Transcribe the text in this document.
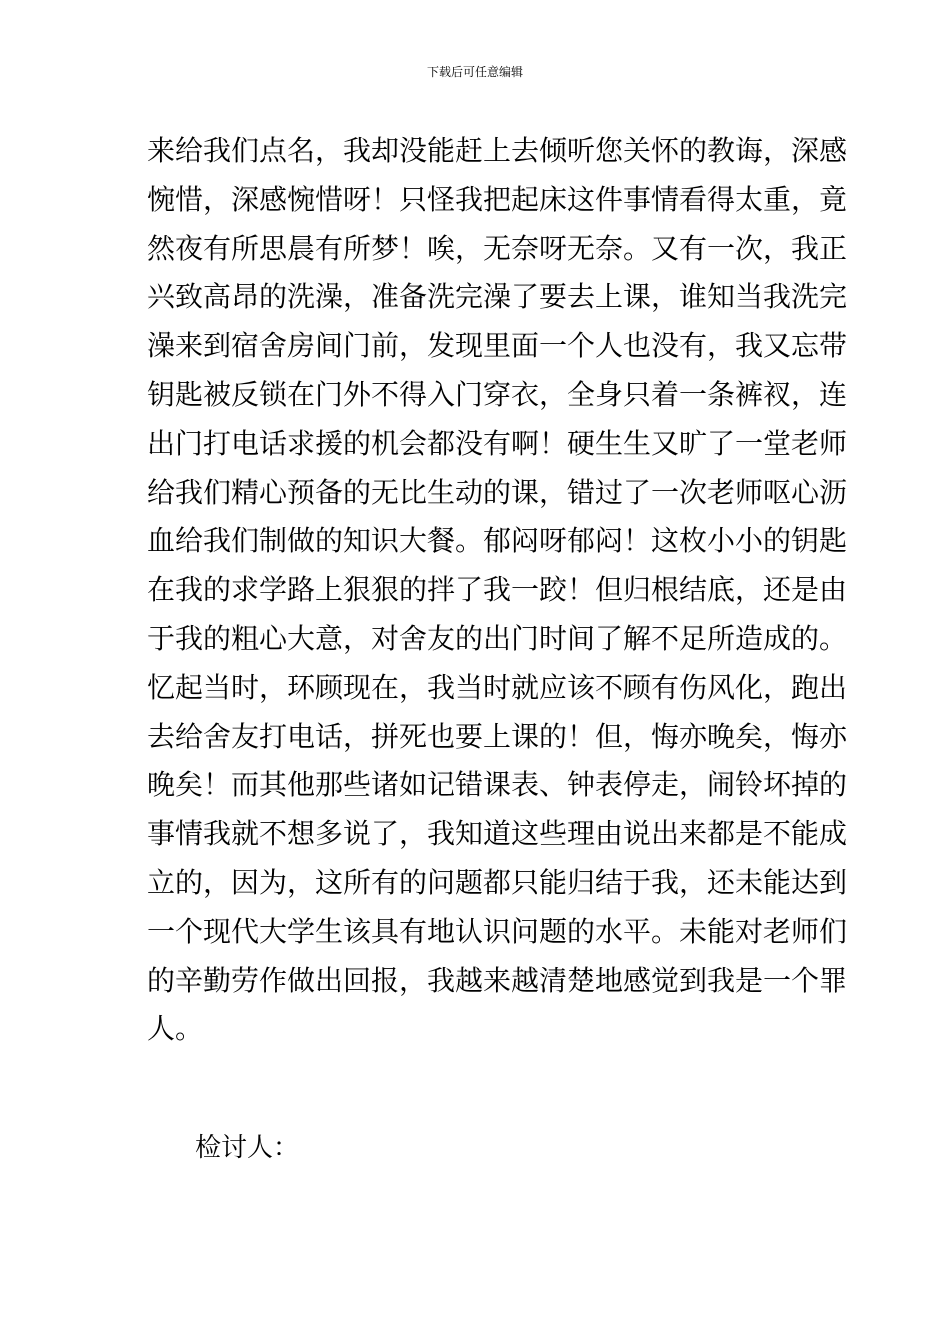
下载后可任意编辑
来给我们点名，我却没能赶上去倾听您关怀的教诲，深感
惋惜，深感惋惜呀！只怪我把起床这件事情看得太重，竟
然夜有所思晨有所梦！唉，无奈呀无奈。又有一次，我正
兴致高昂的洗澡，准备洗完澡了要去上课，谁知当我洗完
澡来到宿舍房间门前，发现里面一个人也没有，我又忘带
钥匙被反锁在门外不得入门穿衣，全身只着一条裤衩，连
出门打电话求援的机会都没有啊！硬生生又旷了一堂老师
给我们精心预备的无比生动的课，错过了一次老师呕心沥
血给我们制做的知识大餐。郁闷呀郁闷！这枚小小的钥匙
在我的求学路上狠狠的拌了我一跤！但归根结底，还是由
于我的粗心大意，对舍友的出门时间了解不足所造成的。
忆起当时，环顾现在，我当时就应该不顾有伤风化，跑出
去给舍友打电话，拼死也要上课的！但，悔亦晚矣，悔亦
晚矣！而其他那些诸如记错课表、钟表停走，闹铃坏掉的
事情我就不想多说了，我知道这些理由说出来都是不能成
立的，因为，这所有的问题都只能归结于我，还未能达到
一个现代大学生该具有地认识问题的水平。未能对老师们
的辛勤劳作做出回报，我越来越清楚地感觉到我是一个罪
人。
检讨人：
